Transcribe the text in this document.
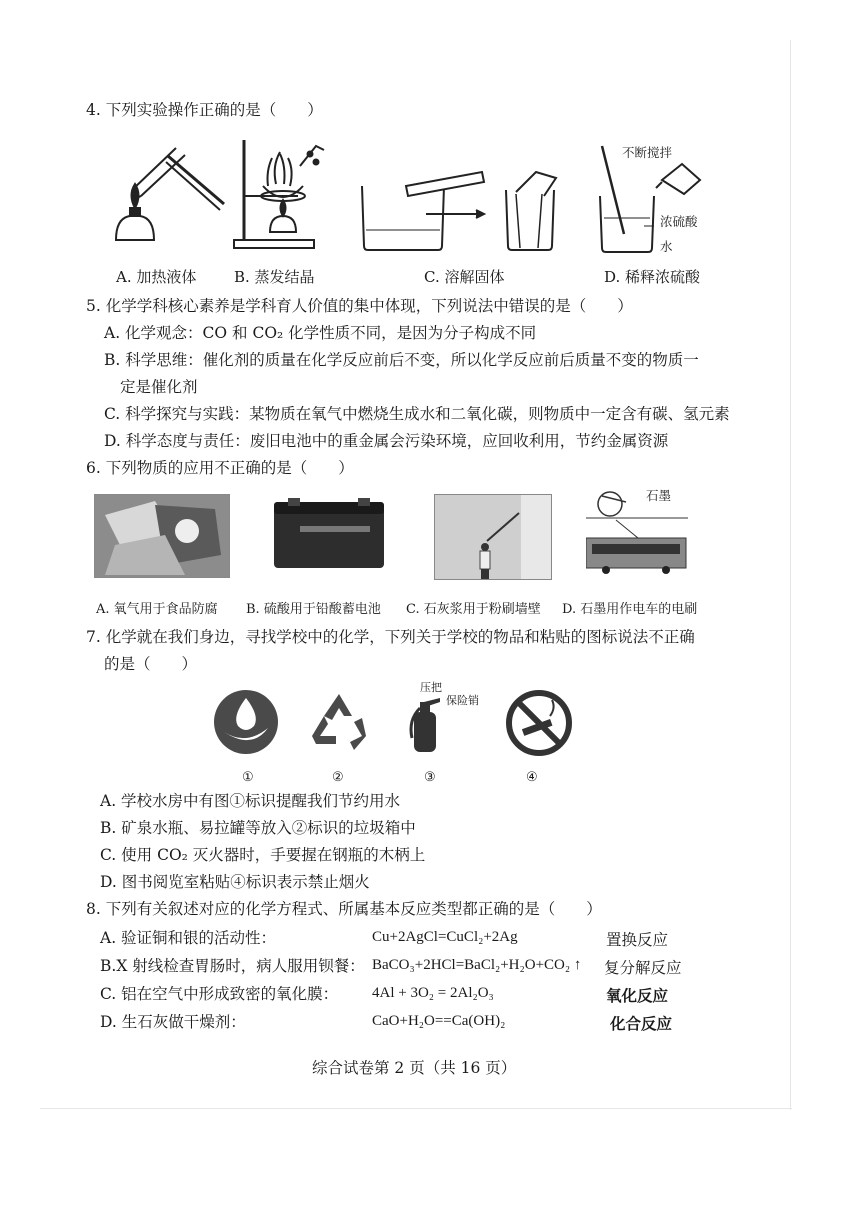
4. 下列实验操作正确的是（　　）
不断搅拌
浓硫酸
水
A. 加热液体	B. 蒸发结晶	C. 溶解固体	D. 稀释浓硫酸
5. 化学学科核心素养是学科育人价值的集中体现，下列说法中错误的是（　　）
A. 化学观念：CO 和 CO₂ 化学性质不同，是因为分子构成不同
B. 科学思维：催化剂的质量在化学反应前后不变，所以化学反应前后质量不变的物质一
定是催化剂
C. 科学探究与实践：某物质在氧气中燃烧生成水和二氧化碳，则物质中一定含有碳、氢元素
D. 科学态度与责任：废旧电池中的重金属会污染环境，应回收利用，节约金属资源
6. 下列物质的应用不正确的是（　　）
石墨
A. 氧气用于食品防腐 B. 硫酸用于铅酸蓄电池 C. 石灰浆用于粉刷墙壁 D. 石墨用作电车的电刷
7. 化学就在我们身边，寻找学校中的化学，下列关于学校的物品和粘贴的图标说法不正确
的是（　　）
压把
保险销
①	②	③	④
A. 学校水房中有图①标识提醒我们节约用水
B. 矿泉水瓶、易拉罐等放入②标识的垃圾箱中
C. 使用 CO₂ 灭火器时，手要握在钢瓶的木柄上
D. 图书阅览室粘贴④标识表示禁止烟火
8. 下列有关叙述对应的化学方程式、所属基本反应类型都正确的是（　　）
A. 验证铜和银的活动性：	Cu+2AgCl=CuCl₂+2Ag	置换反应
B.X 射线检查胃肠时，病人服用钡餐： BaCO₃+2HCl=BaCl₂+H₂O+CO₂ ↑ 复分解反应
C. 铝在空气中形成致密的氧化膜： 4Al + 3O₂ = 2Al₂O₃	氧化反应
D. 生石灰做干燥剂：	CaO+H₂O==Ca(OH)₂	化合反应
综合试卷第 2 页（共 16 页）
